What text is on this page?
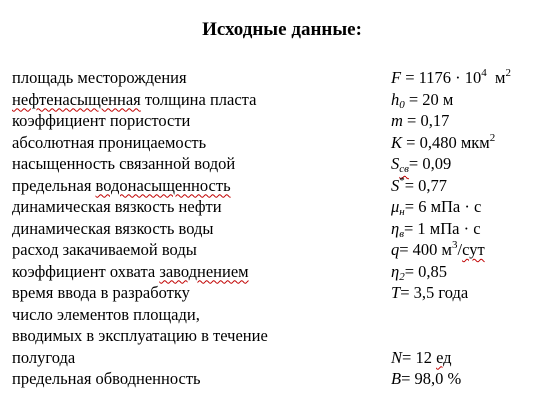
Исходные данные:
площадь месторождения	$F = 1176 \cdot 10^4$  $м^2$
нефтенасыщенная толщина пласта	$h_0 = 20$ м
коэффициент пористости	m = 0,17
абсолютная проницаемость	K = 0,480 мкм$^2$
насыщенность связанной водой	$S_{св}= 0,09$
предельная водонасыщенность	S*= 0,77
динамическая вязкость нефти	$\mu_н= 6$ мПа · с
динамическая вязкость воды	$\eta_в= 1$ мПа · с
расход закачиваемой воды	q= 400 $м^3$/сут
коэффициент охвата заводнением	$\eta_2= 0,85$
время ввода в разработку	T= 3,5 года
число элементов площади,
вводимых в эксплуатацию в течение
полугода	N= 12 ед
предельная обводненность	B= 98,0 %
